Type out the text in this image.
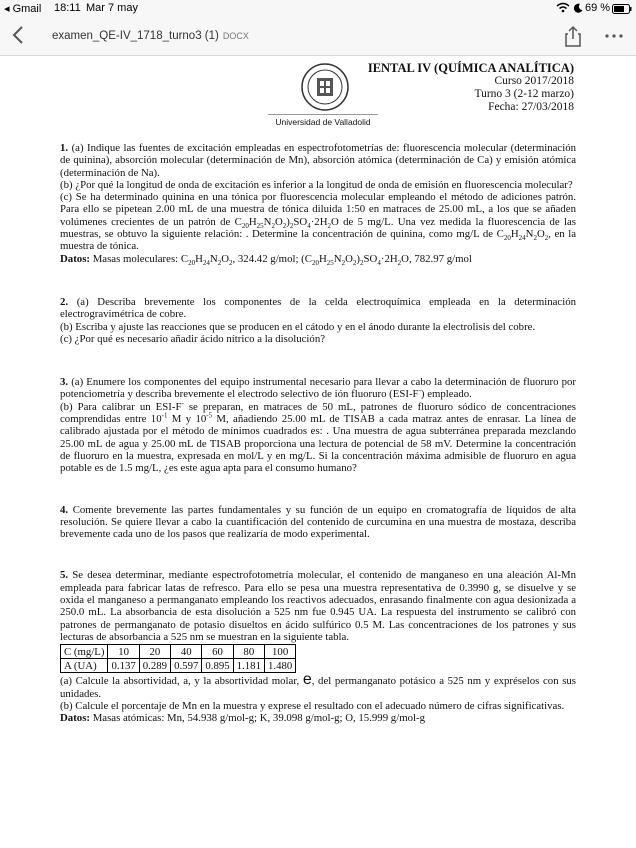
◂ Gmail 18:11 Mar 7 may	69 %
examen_QE-IV_1718_turno3 (1) DOCX
Universidad de Valladolid
IENTAL IV (QUÍMICA ANALÍTICA)
Curso 2017/2018
Turno 3 (2-12 marzo)
Fecha: 27/03/2018

1. (a) Indique las fuentes de excitación empleadas en espectrofotometrías de: fluorescencia molecular (determinación de quinina), absorción molecular (determinación de Mn), absorción atómica (determinación de Ca) y emisión atómica (determinación de Na).

(b) ¿Por qué la longitud de onda de excitación es inferior a la longitud de onda de emisión en fluorescencia molecular?

(c) Se ha determinado quinina en una tónica por fluorescencia molecular empleando el método de adiciones patrón. Para ello se pipetean 2.00 mL de una muestra de tónica diluida 1:50 en matraces de 25.00 mL, a los que se añaden volúmenes crecientes de un patrón de $C_{20}H_{25}N_2O_2)_2SO_4\cdot 2H_2O$ de 5 mg/L. Una vez medida la fluorescencia de las muestras, se obtuvo la siguiente relación: . Determine la concentración de quinina, como mg/L de $C_{20}H_{24}N_2O_2$, en la muestra de tónica.

Datos: Masas moleculares: $C_{20}H_{24}N_2O_2$, 324.42 g/mol; $(C_{20}H_{25}N_2O_2)_2SO_4\cdot 2H_2O$, 782.97 g/mol

2. (a) Describa brevemente los componentes de la celda electroquímica empleada en la determinación electrogravimétrica de cobre.

(b) Escriba y ajuste las reacciones que se producen en el cátodo y en el ánodo durante la electrolisis del cobre.

(c) ¿Por qué es necesario añadir ácido nítrico a la disolución?

3. (a) Enumere los componentes del equipo instrumental necesario para llevar a cabo la determinación de fluoruro por potenciometría y describa brevemente el electrodo selectivo de ión fluoruro (ESI-F-) empleado.

(b) Para calibrar un ESI-F- se preparan, en matraces de 50 mL, patrones de fluoruro sódico de concentraciones comprendidas entre $10^{-1}$ M y $10^{-5}$ M, añadiendo 25.00 mL de TISAB a cada matraz antes de enrasar. La línea de calibrado ajustada por el método de mínimos cuadrados es: . Una muestra de agua subterránea preparada mezclando 25.00 mL de agua y 25.00 mL de TISAB proporciona una lectura de potencial de 58 mV. Determine la concentración de fluoruro en la muestra, expresada en mol/L y en mg/L. Si la concentración máxima admisible de fluoruro en agua potable es de 1.5 mg/L, ¿es este agua apta para el consumo humano?

4. Comente brevemente las partes fundamentales y su función de un equipo en cromatografía de líquidos de alta resolución. Se quiere llevar a cabo la cuantificación del contenido de curcumina en una muestra de mostaza, describa brevemente cada uno de los pasos que realizaría de modo experimental.

5. Se desea determinar, mediante espectrofotometría molecular, el contenido de manganeso en una aleación Al-Mn empleada para fabricar latas de refresco. Para ello se pesa una muestra representativa de 0.3990 g, se disuelve y se oxida el manganeso a permanganato empleando los reactivos adecuados, enrasando finalmente con agua desionizada a 250.0 mL. La absorbancia de esta disolución a 525 nm fue 0.945 UA. La respuesta del instrumento se calibró con patrones de permanganato de potasio disueltos en ácido sulfúrico 0.5 M. Las concentraciones de los patrones y sus lecturas de absorbancia a 525 nm se muestran en la siguiente tabla.

C (mg/L)	10	20	40	60	80	100
A (UA)	0.137	0.289	0.597	0.895	1.181	1.480

(a) Calcule la absortividad, a, y la absortividad molar, e, del permanganato potásico a 525 nm y expréselos con sus unidades.

(b) Calcule el porcentaje de Mn en la muestra y exprese el resultado con el adecuado número de cifras significativas.

Datos: Masas atómicas: Mn, 54.938 g/mol-g; K, 39.098 g/mol-g; O, 15.999 g/mol-g
